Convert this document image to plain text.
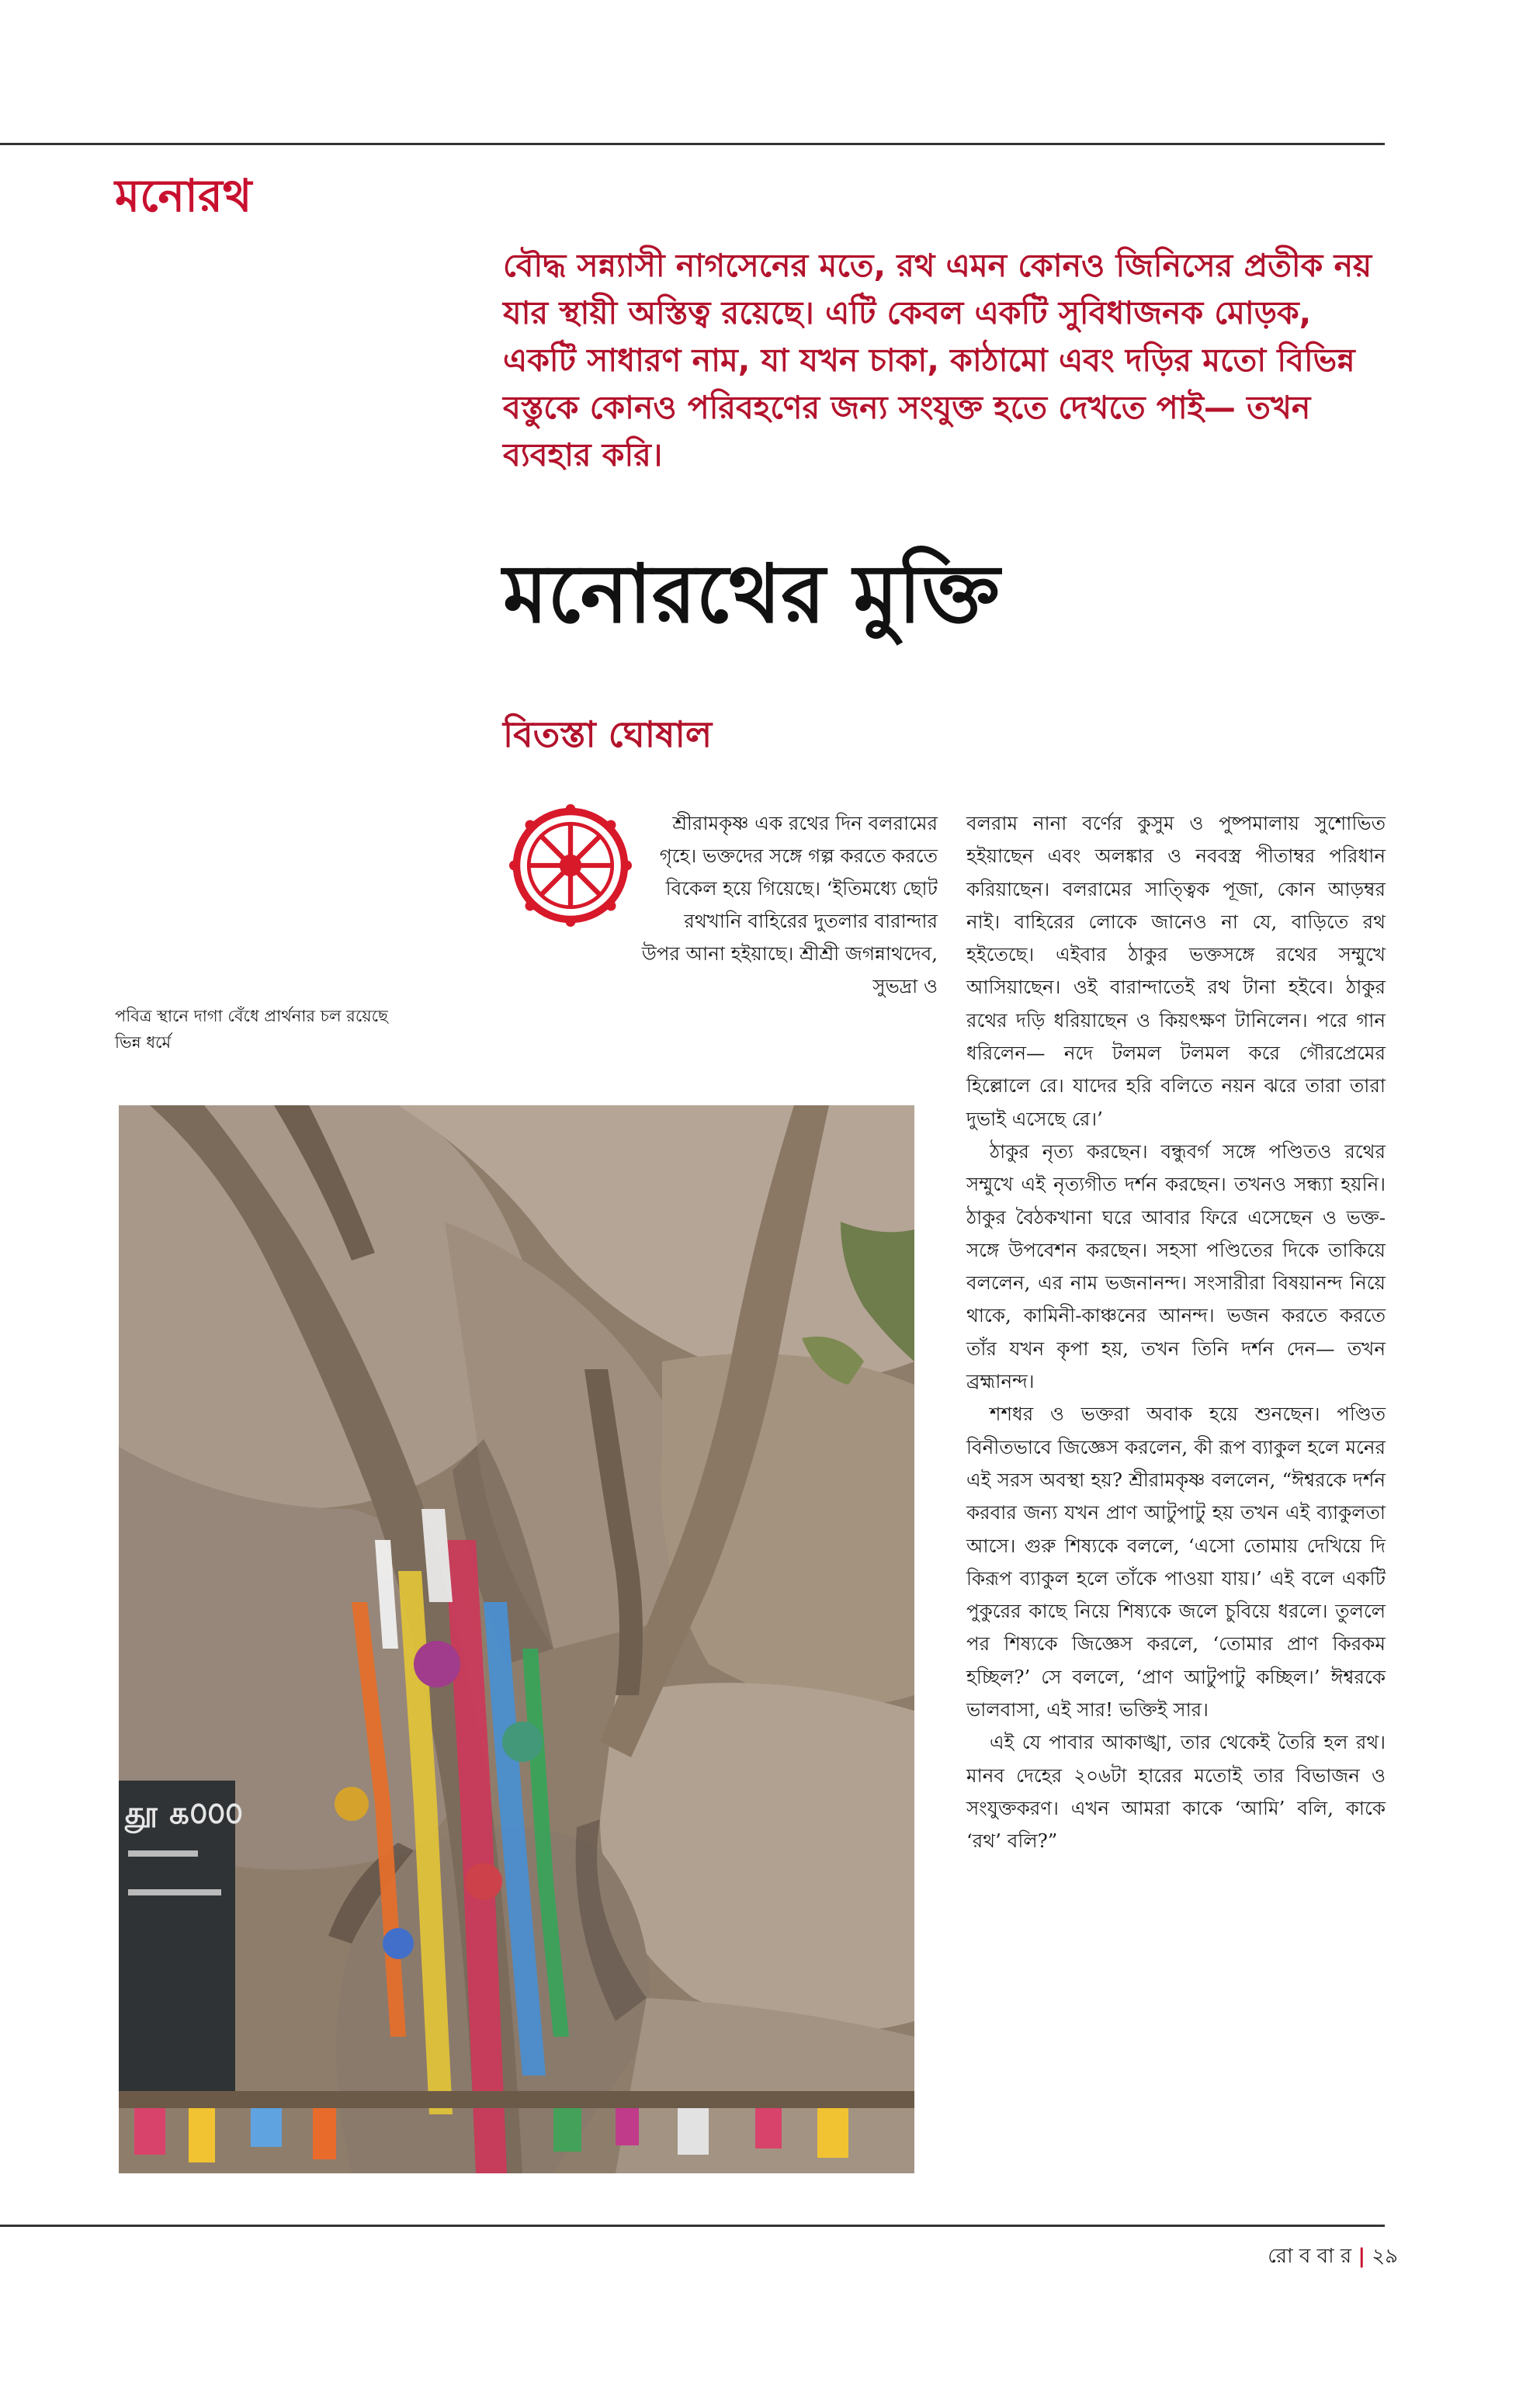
মনোরথ
বৌদ্ধ সন্ন্যাসী নাগসেনের মতে, রথ এমন কোনও জিনিসের প্রতীক নয় যার স্থায়ী অস্তিত্ব রয়েছে। এটি কেবল একটি সুবিধাজনক মোড়ক, একটি সাধারণ নাম, যা যখন চাকা, কাঠামো এবং দড়ির মতো বিভিন্ন বস্তুকে কোনও পরিবহণের জন্য সংযুক্ত হতে দেখতে পাই— তখন ব্যবহার করি।
মনোরথের মুক্তি
বিতস্তা ঘোষাল

শ্রীরামকৃষ্ণ এক রথের দিন বলরামের গৃহে। ভক্তদের সঙ্গে গল্প করতে করতে বিকেল হয়ে গিয়েছে। ‘ইতিমধ্যে ছোট রথখানি বাহিরের দুতলার বারান্দার উপর আনা হইয়াছে। শ্রীশ্রী জগন্নাথদেব, সুভদ্রা ও

বলরাম নানা বর্ণের কুসুম ও পুষ্পমালায় সুশোভিত হইয়াছেন এবং অলঙ্কার ও নববস্ত্র পীতাম্বর পরিধান করিয়াছেন। বলরামের সাত্ত্বিক পূজা, কোন আড়ম্বর নাই। বাহিরের লোকে জানেও না যে, বাড়িতে রথ হইতেছে। এইবার ঠাকুর ভক্তসঙ্গে রথের সম্মুখে আসিয়াছেন। ওই বারান্দাতেই রথ টানা হইবে। ঠাকুর রথের দড়ি ধরিয়াছেন ও কিয়ৎক্ষণ টানিলেন। পরে গান ধরিলেন— নদে টলমল টলমল করে গৌরপ্রেমের হিল্লোলে রে। যাদের হরি বলিতে নয়ন ঝরে তারা তারা দুভাই এসেছে রে।’

ঠাকুর নৃত্য করছেন। বন্ধুবর্গ সঙ্গে পণ্ডিতও রথের সম্মুখে এই নৃত্যগীত দর্শন করছেন। তখনও সন্ধ্যা হয়নি। ঠাকুর বৈঠকখানা ঘরে আবার ফিরে এসেছেন ও ভক্ত-সঙ্গে উপবেশন করছেন। সহসা পণ্ডিতের দিকে তাকিয়ে বললেন, এর নাম ভজনানন্দ। সংসারীরা বিষয়ানন্দ নিয়ে থাকে, কামিনী-কাঞ্চনের আনন্দ। ভজন করতে করতে তাঁর যখন কৃপা হয়, তখন তিনি দর্শন দেন— তখন ব্রহ্মানন্দ।

শশধর ও ভক্তরা অবাক হয়ে শুনছেন। পণ্ডিত বিনীতভাবে জিজ্ঞেস করলেন, কী রূপ ব্যাকুল হলে মনের এই সরস অবস্থা হয়? শ্রীরামকৃষ্ণ বললেন, “ঈশ্বরকে দর্শন করবার জন্য যখন প্রাণ আটুপাটু হয় তখন এই ব্যাকুলতা আসে। গুরু শিষ্যকে বললে, ‘এসো তোমায় দেখিয়ে দি কিরূপ ব্যাকুল হলে তাঁকে পাওয়া যায়।’ এই বলে একটি পুকুরের কাছে নিয়ে শিষ্যকে জলে চুবিয়ে ধরলে। তুললে পর শিষ্যকে জিজ্ঞেস করলে, ‘তোমার প্রাণ কিরকম হচ্ছিল?’ সে বললে, ‘প্রাণ আটুপাটু কচ্ছিল।’ ঈশ্বরকে ভালবাসা, এই সার! ভক্তিই সার।

এই যে পাবার আকাঙ্খা, তার থেকেই তৈরি হল রথ। মানব দেহের ২০৬টা হারের মতোই তার বিভাজন ও সংযুক্তকরণ। এখন আমরা কাকে ‘আমি’ বলি, কাকে ‘রথ’ বলি?”

পবিত্র স্থানে দাগা বেঁধে প্রার্থনার চল রয়েছে ভিন্ন ধর্মে
தூ ௧௦௦௦
রো ব বা র | ২৯
